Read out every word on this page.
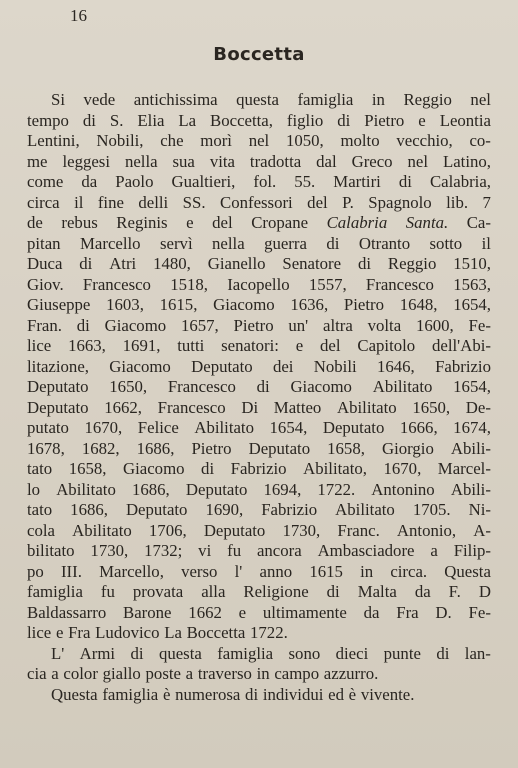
16
Boccetta
Si vede antichissima questa famiglia in Reggio nel
tempo di S. Elia La Boccetta, figlio di Pietro e Leontia
Lentini, Nobili, che morì nel 1050, molto vecchio, co-
me leggesi nella sua vita tradotta dal Greco nel Latino,
come da Paolo Gualtieri, fol. 55. Martiri di Calabria,
circa il fine delli SS. Confessori del P. Spagnolo lib. 7
de rebus Reginis e del Cropane Calabria Santa. Ca-
pitan Marcello servì nella guerra di Otranto sotto il
Duca di Atri 1480, Gianello Senatore di Reggio 1510,
Giov. Francesco 1518, Iacopello 1557, Francesco 1563,
Giuseppe 1603, 1615, Giacomo 1636, Pietro 1648, 1654,
Fran. di Giacomo 1657, Pietro un' altra volta 1600, Fe-
lice 1663, 1691, tutti senatori: e del Capitolo dell'Abi-
litazione, Giacomo Deputato dei Nobili 1646, Fabrizio
Deputato 1650, Francesco di Giacomo Abilitato 1654,
Deputato 1662, Francesco Di Matteo Abilitato 1650, De-
putato 1670, Felice Abilitato 1654, Deputato 1666, 1674,
1678, 1682, 1686, Pietro Deputato 1658, Giorgio Abili-
tato 1658, Giacomo di Fabrizio Abilitato, 1670, Marcel-
lo Abilitato 1686, Deputato 1694, 1722. Antonino Abili-
tato 1686, Deputato 1690, Fabrizio Abilitato 1705. Ni-
cola Abilitato 1706, Deputato 1730, Franc. Antonio, A-
bilitato 1730, 1732; vi fu ancora Ambasciadore a Filip-
po III. Marcello, verso l' anno 1615 in circa. Questa
famiglia fu provata alla Religione di Malta da F. D
Baldassarro Barone 1662 e ultimamente da Fra D. Fe-
lice e Fra Ludovico La Boccetta 1722.
L' Armi di questa famiglia sono dieci punte di lan-
cia a color giallo poste a traverso in campo azzurro.
Questa famiglia è numerosa di individui ed è vivente.
